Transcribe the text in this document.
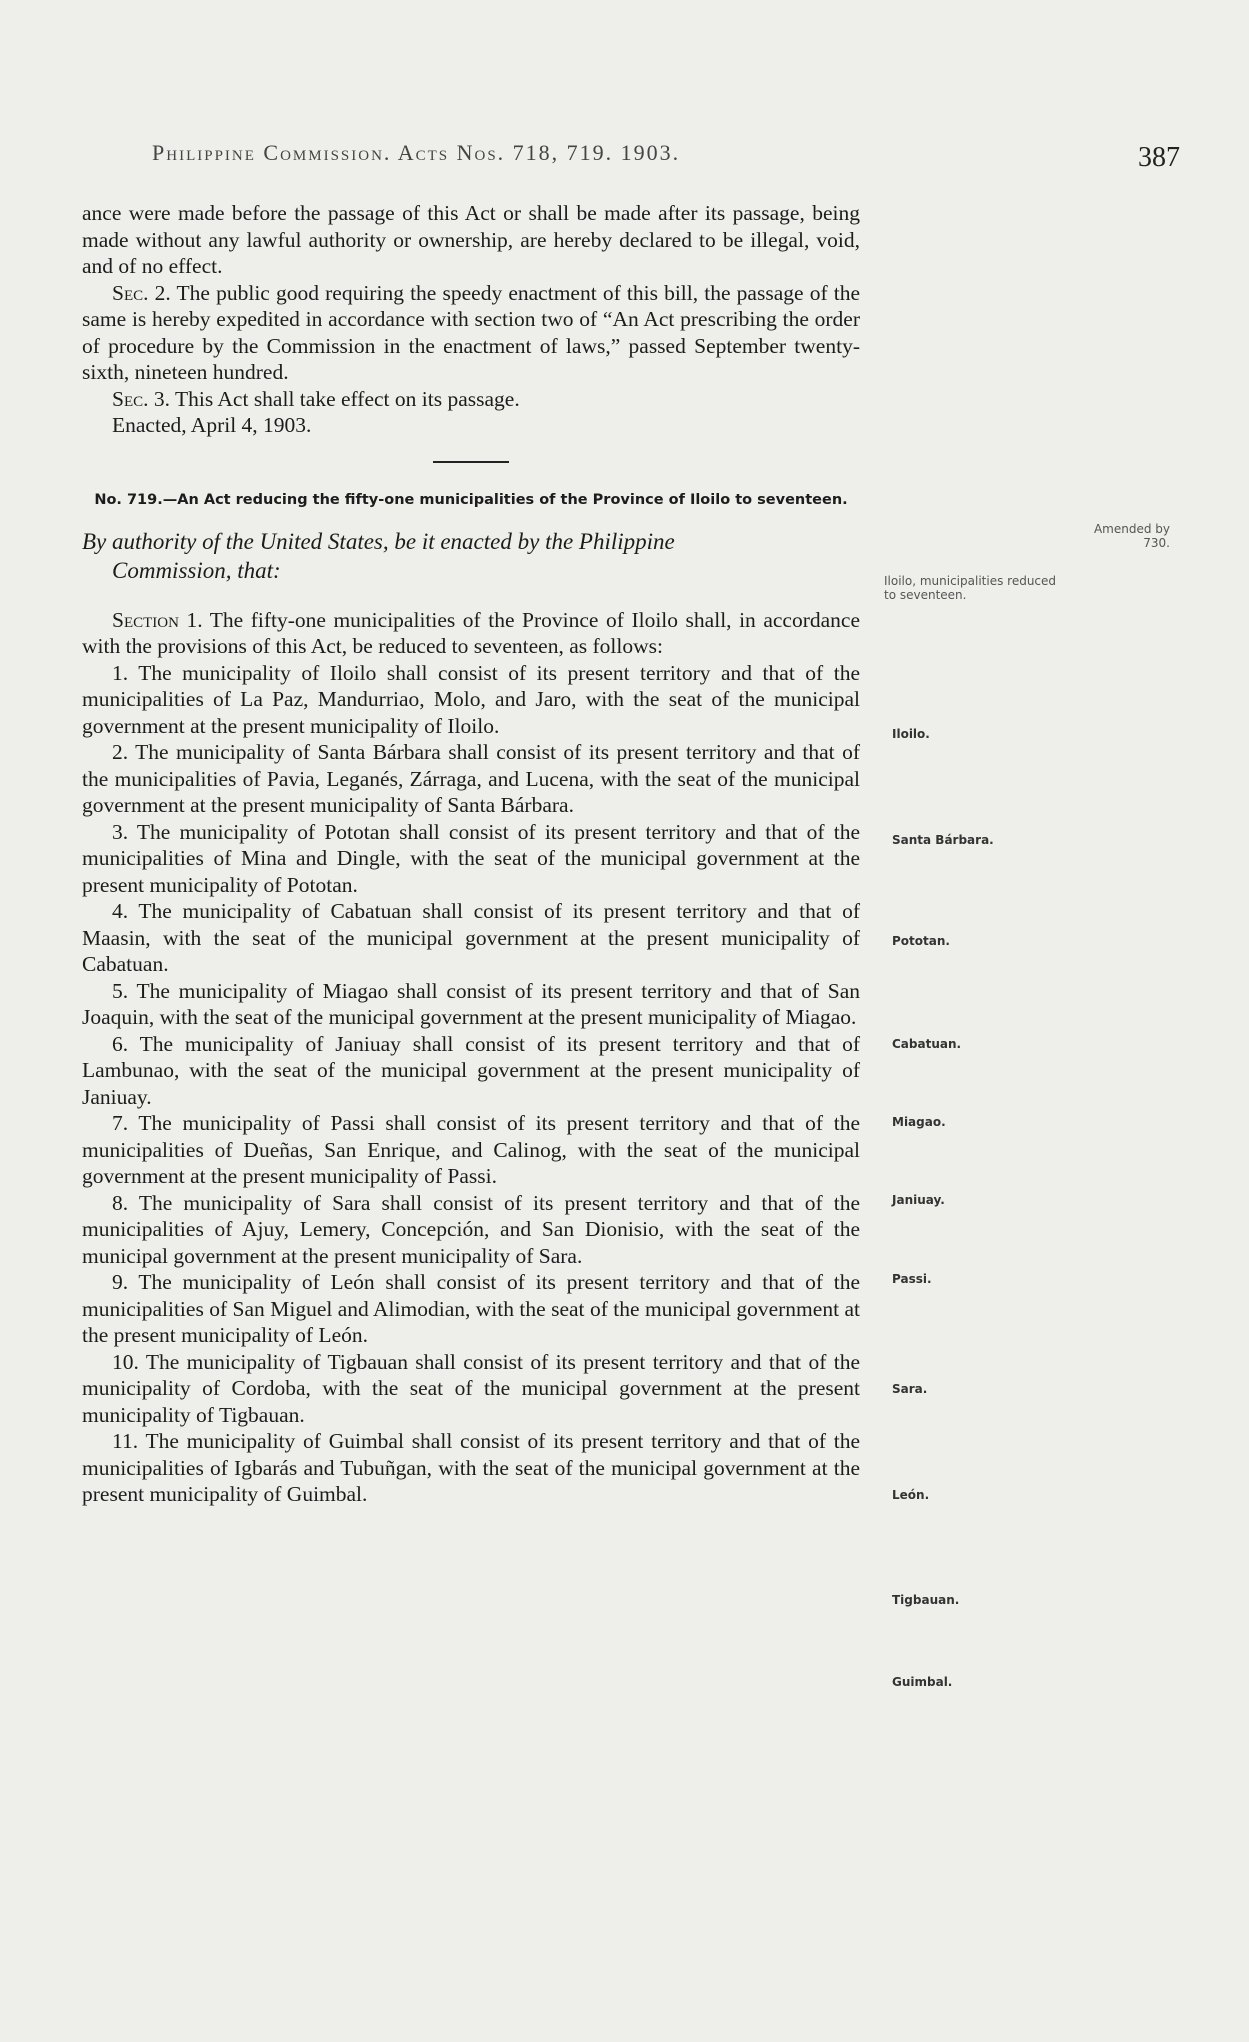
Philippine Commission. Acts Nos. 718, 719. 1903.	387

ance were made before the passage of this Act or shall be made after its passage, being made without any lawful authority or ownership, are hereby declared to be illegal, void, and of no effect.

Sec. 2. The public good requiring the speedy enactment of this bill, the passage of the same is hereby expedited in accordance with section two of “An Act prescribing the order of procedure by the Commission in the enactment of laws,” passed September twenty-sixth, nineteen hundred.

Sec. 3. This Act shall take effect on its passage.

Enacted, April 4, 1903.

No. 719.—An Act reducing the fifty-one municipalities of the Province of Iloilo to seventeen.

By authority of the United States, be it enacted by the Philippine
Commission, that:

Section 1. The fifty-one municipalities of the Province of Iloilo shall, in accordance with the provisions of this Act, be reduced to seventeen, as follows:

1. The municipality of Iloilo shall consist of its present territory and that of the municipalities of La Paz, Mandurriao, Molo, and Jaro, with the seat of the municipal government at the present municipality of Iloilo.

2. The municipality of Santa Bárbara shall consist of its present territory and that of the municipalities of Pavia, Leganés, Zárraga, and Lucena, with the seat of the municipal government at the present municipality of Santa Bárbara.

3. The municipality of Pototan shall consist of its present territory and that of the municipalities of Mina and Dingle, with the seat of the municipal government at the present municipality of Pototan.

4. The municipality of Cabatuan shall consist of its present territory and that of Maasin, with the seat of the municipal government at the present municipality of Cabatuan.

5. The municipality of Miagao shall consist of its present territory and that of San Joaquin, with the seat of the municipal government at the present municipality of Miagao.

6. The municipality of Janiuay shall consist of its present territory and that of Lambunao, with the seat of the municipal government at the present municipality of Janiuay.

7. The municipality of Passi shall consist of its present territory and that of the municipalities of Dueñas, San Enrique, and Calinog, with the seat of the municipal government at the present municipality of Passi.

8. The municipality of Sara shall consist of its present territory and that of the municipalities of Ajuy, Lemery, Concepción, and San Dionisio, with the seat of the municipal government at the present municipality of Sara.

9. The municipality of León shall consist of its present territory and that of the municipalities of San Miguel and Alimodian, with the seat of the municipal government at the present municipality of León.

10. The municipality of Tigbauan shall consist of its present territory and that of the municipality of Cordoba, with the seat of the municipal government at the present municipality of Tigbauan.

11. The municipality of Guimbal shall consist of its present territory and that of the municipalities of Igbarás and Tubuñgan, with the seat of the municipal government at the present municipality of Guimbal.

Amended by 730.
Iloilo, municipalities reduced to seventeen.
Iloilo.
Santa Bárbara.
Pototan.
Cabatuan.
Miagao.
Janiuay.
Passi.
Sara.
León.
Tigbauan.
Guimbal.
